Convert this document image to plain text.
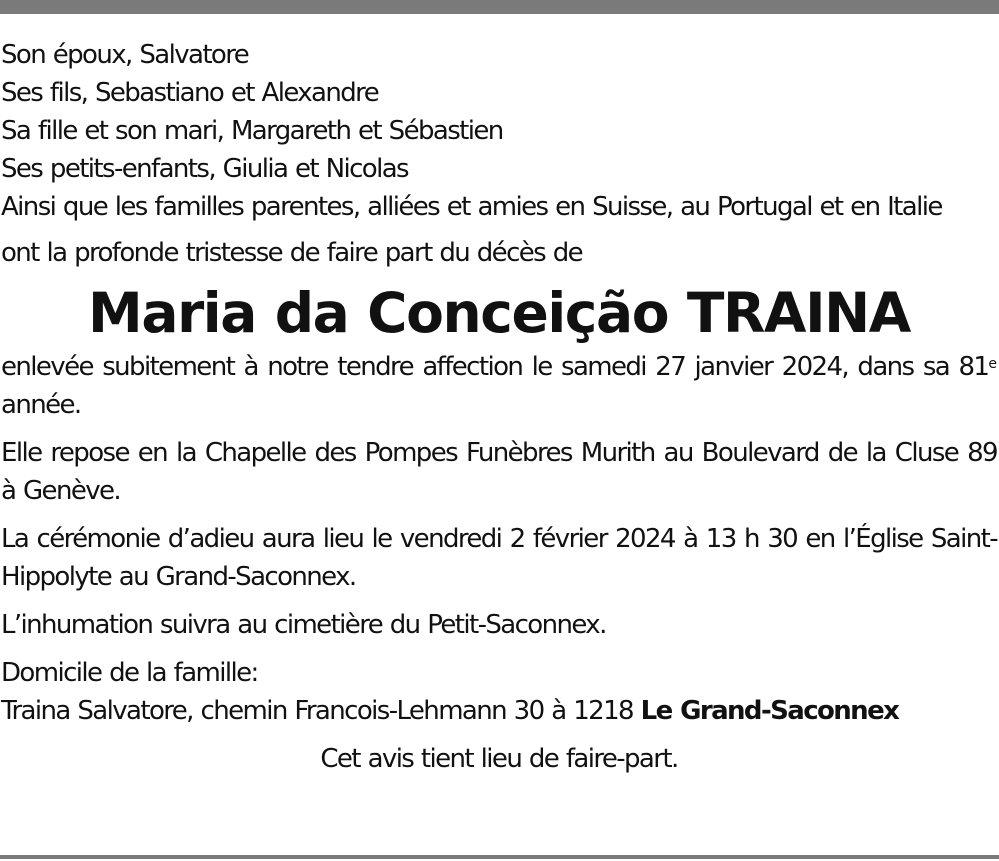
Son époux, Salvatore

Ses fils, Sebastiano et Alexandre

Sa fille et son mari, Margareth et Sébastien

Ses petits-enfants, Giulia et Nicolas

Ainsi que les familles parentes, alliées et amies en Suisse, au Portugal et en Italie

ont la profonde tristesse de faire part du décès de

Maria da Conceição TRAINA

enlevée subitement à notre tendre affection le samedi 27 janvier 2024, dans sa 81e année.

Elle repose en la Chapelle des Pompes Funèbres Murith au Boulevard de la Cluse 89 à Genève.

La cérémonie d’adieu aura lieu le vendredi 2 février 2024 à 13 h 30 en l’Église Saint-Hippolyte au Grand-Saconnex.

L’inhumation suivra au cimetière du Petit-Saconnex.

Domicile de la famille:

Traina Salvatore, chemin Francois-Lehmann 30 à 1218 Le Grand-Saconnex

Cet avis tient lieu de faire-part.
